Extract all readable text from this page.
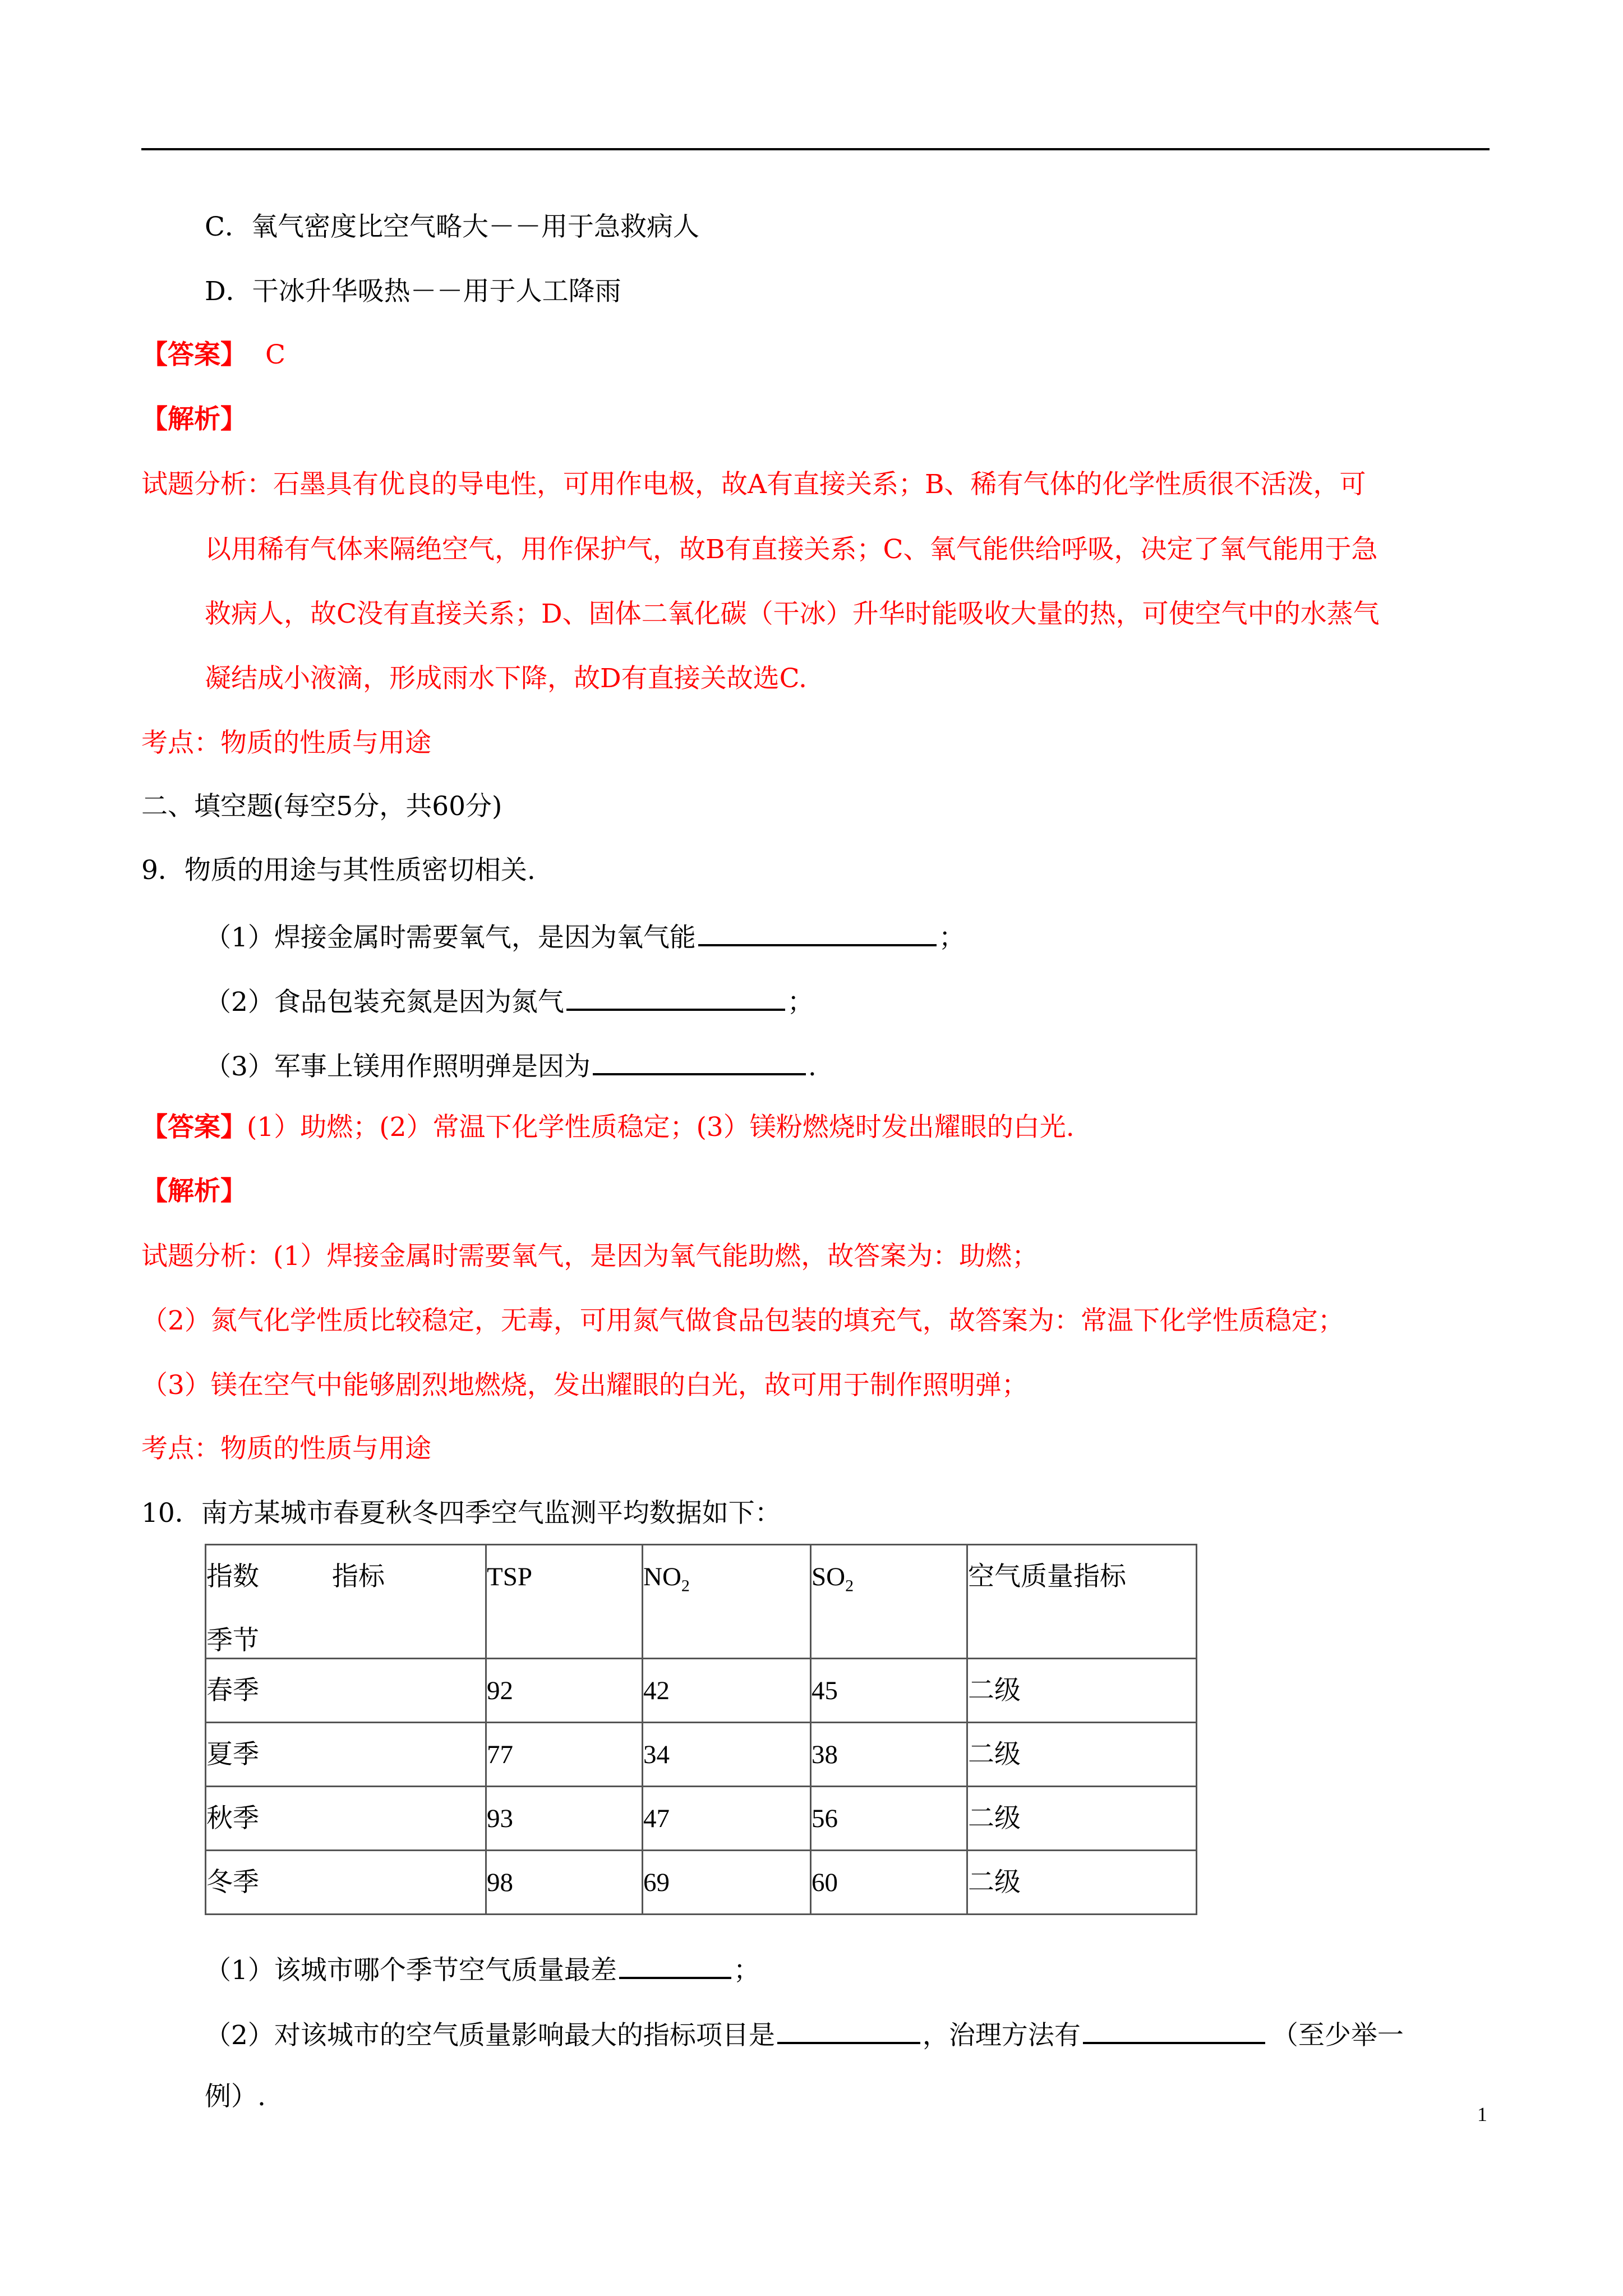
C．氧气密度比空气略大－－用于急救病人
D．干冰升华吸热－－用于人工降雨
【答案】 C
【解析】
试题分析：石墨具有优良的导电性，可用作电极，故A有直接关系；B、稀有气体的化学性质很不活泼，可
以用稀有气体来隔绝空气，用作保护气，故B有直接关系；C、氧气能供给呼吸，决定了氧气能用于急
救病人，故C没有直接关系；D、固体二氧化碳（干冰）升华时能吸收大量的热，可使空气中的水蒸气
凝结成小液滴，形成雨水下降，故D有直接关故选C.
考点：物质的性质与用途
二、填空题(每空5分，共60分)
9．物质的用途与其性质密切相关.
（1）焊接金属时需要氧气，是因为氧气能	；
（2）食品包装充氮是因为氮气	；
（3）军事上镁用作照明弹是因为	.
【答案】(1）助燃；(2）常温下化学性质稳定；(3）镁粉燃烧时发出耀眼的白光.
【解析】
试题分析：(1）焊接金属时需要氧气，是因为氧气能助燃，故答案为：助燃；
（2）氮气化学性质比较稳定，无毒，可用氮气做食品包装的填充气，故答案为：常温下化学性质稳定；
（3）镁在空气中能够剧烈地燃烧，发出耀眼的白光，故可用于制作照明弹；
考点：物质的性质与用途
10．南方某城市春夏秋冬四季空气监测平均数据如下：
指数 指标
季节	TSP	$NO_2$	$SO_2$	空气质量指标
春季	92	42	45	二级
夏季	77	34	38	二级
秋季	93	47	56	二级
冬季	98	69	60	二级
（1）该城市哪个季节空气质量最差	；
（2）对该城市的空气质量影响最大的指标项目是	，治理方法有	（至少举一
例）.
1
